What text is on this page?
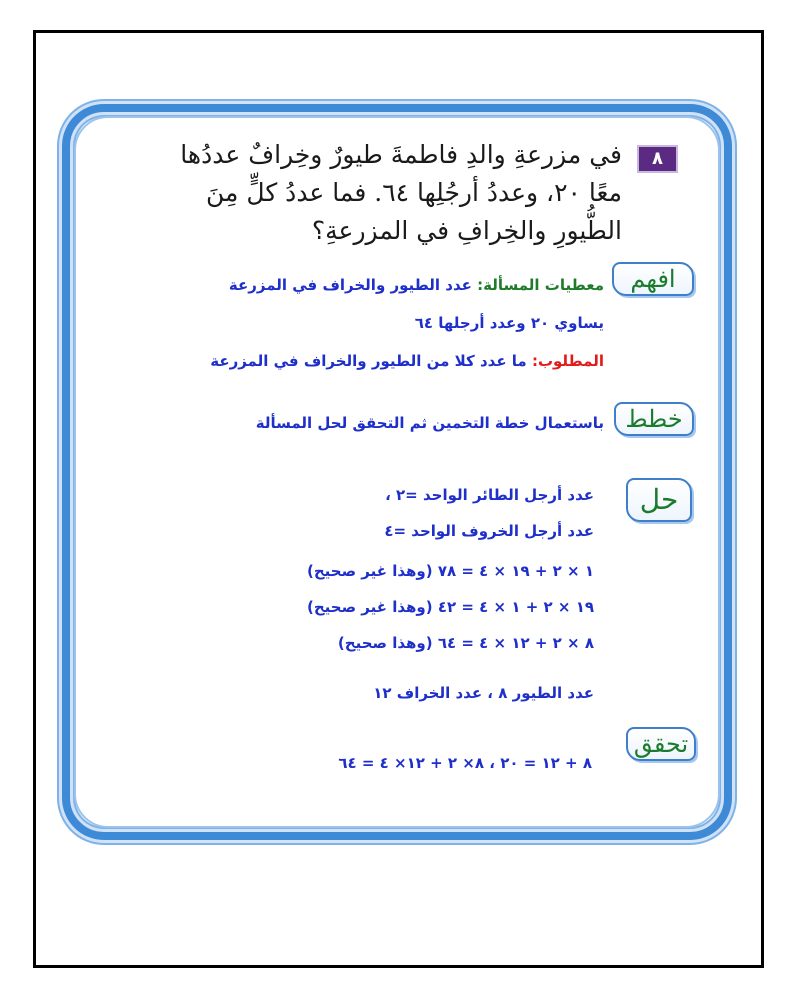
٨
في مزرعةِ والدِ فاطمةَ طيورٌ وخِرافٌ عددُها
معًا ٢٠، وعددُ أرجُلِها ٦٤. فما عددُ كلٍّ مِنَ
الطُّيورِ والخِرافِ في المزرعةِ؟
افهم
معطيات المسألة: عدد الطيور والخراف في المزرعة
يساوي ٢٠ وعدد أرجلها ٦٤
المطلوب: ما عدد كلا من الطيور والخراف في المزرعة
خطط
باستعمال خطة التخمين ثم التحقق لحل المسألة
حل
عدد أرجل الطائر الواحد =٢ ،
عدد أرجل الخروف الواحد =٤
١ × ٢ + ١٩ × ٤ = ٧٨ (وهذا غير صحيح)
١٩ × ٢ + ١ × ٤ = ٤٢ (وهذا غير صحيح)
٨ × ٢ + ١٢ × ٤ = ٦٤ (وهذا صحيح)
عدد الطيور ٨ ، عدد الخراف ١٢
تحقق
٨ + ١٢ = ٢٠ ، ٨× ٢ + ١٢× ٤ = ٦٤
